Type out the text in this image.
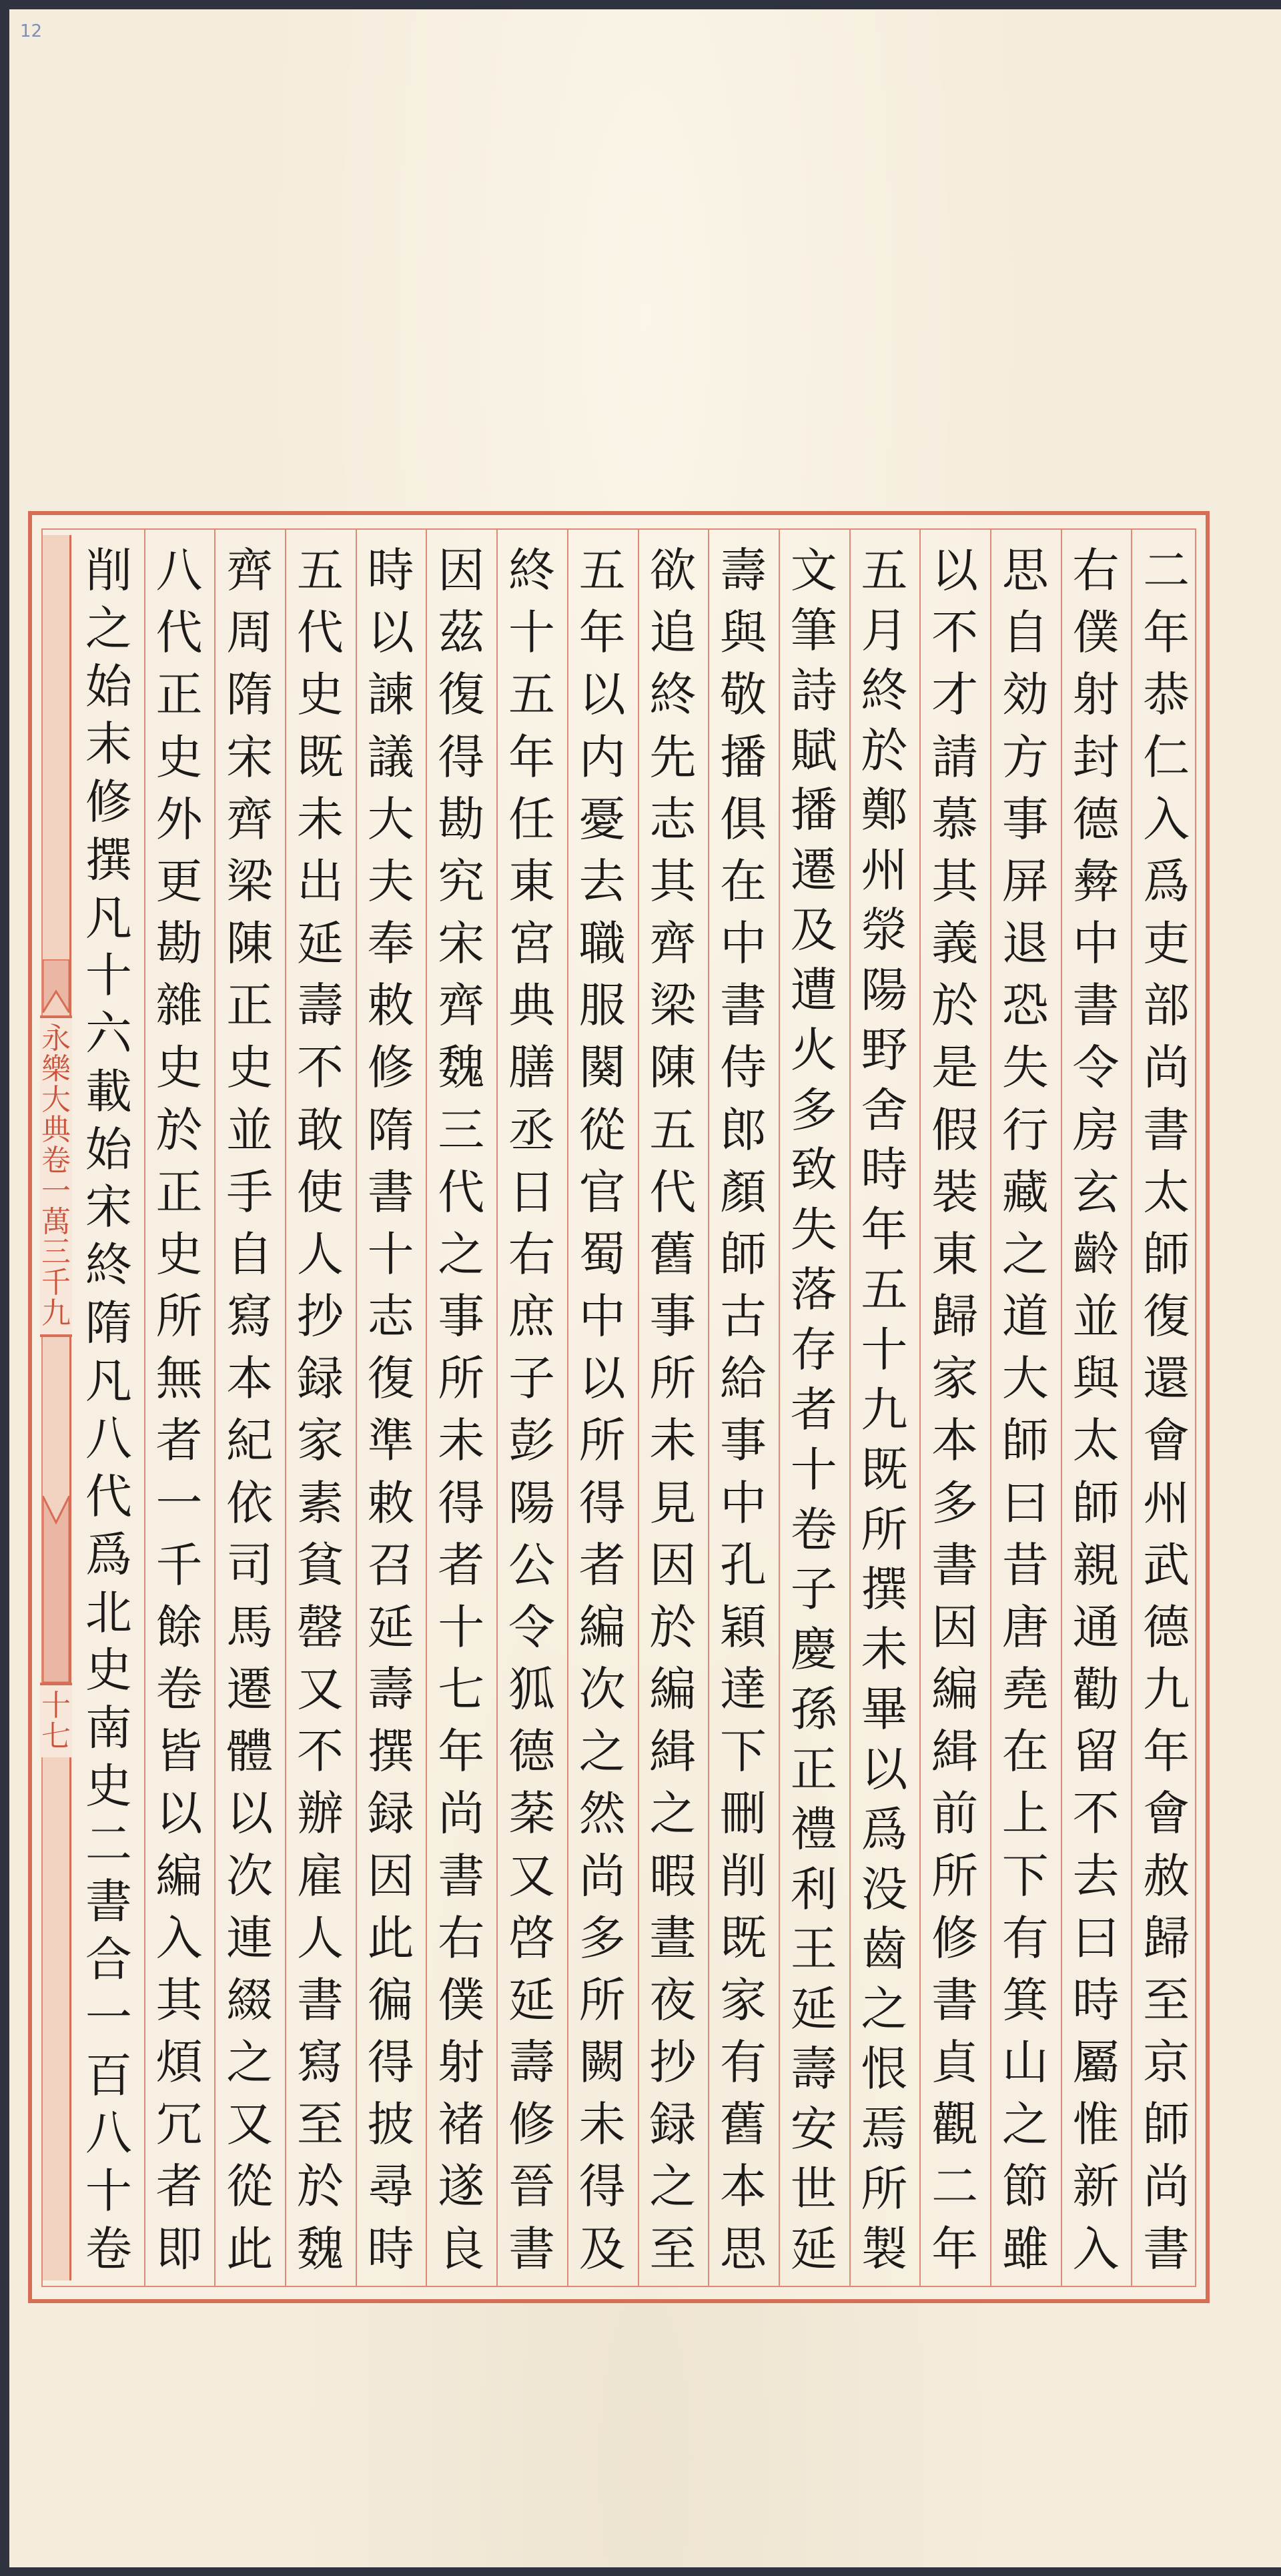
12
永
樂
大
典
卷
一
萬
三
千
九
十
七
二
年
恭
仁
入
爲
吏
部
尚
書
太
師
復
還
會
州
武
德
九
年
會
赦
歸
至
京
師
尚
書
右
僕
射
封
德
彜
中
書
令
房
玄
齡
並
與
太
師
親
通
勸
留
不
去
曰
時
屬
惟
新
入
思
自
効
方
事
屏
退
恐
失
行
藏
之
道
大
師
曰
昔
唐
堯
在
上
下
有
箕
山
之
節
雖
以
不
才
請
慕
其
義
於
是
假
裝
東
歸
家
本
多
書
因
編
緝
前
所
修
書
貞
觀
二
年
五
月
終
於
鄭
州
滎
陽
野
舍
時
年
五
十
九
既
所
撰
未
畢
以
爲
没
齒
之
恨
焉
所
製
文
筆
詩
賦
播
遷
及
遭
火
多
致
失
落
存
者
十
卷
子
慶
孫
正
禮
利
王
延
壽
安
世
延
壽
與
敬
播
俱
在
中
書
侍
郎
顏
師
古
給
事
中
孔
穎
達
下
刪
削
既
家
有
舊
本
思
欲
追
終
先
志
其
齊
梁
陳
五
代
舊
事
所
未
見
因
於
編
緝
之
暇
晝
夜
抄
録
之
至
五
年
以
内
憂
去
職
服
闋
從
官
蜀
中
以
所
得
者
編
次
之
然
尚
多
所
闕
未
得
及
終
十
五
年
任
東
宮
典
膳
丞
日
右
庶
子
彭
陽
公
令
狐
德
棻
又
啓
延
壽
修
晉
書
因
茲
復
得
勘
究
宋
齊
魏
三
代
之
事
所
未
得
者
十
七
年
尚
書
右
僕
射
褚
遂
良
時
以
諫
議
大
夫
奉
敕
修
隋
書
十
志
復
準
敕
召
延
壽
撰
録
因
此
徧
得
披
尋
時
五
代
史
既
未
出
延
壽
不
敢
使
人
抄
録
家
素
貧
罄
又
不
辦
雇
人
書
寫
至
於
魏
齊
周
隋
宋
齊
梁
陳
正
史
並
手
自
寫
本
紀
依
司
馬
遷
體
以
次
連
綴
之
又
從
此
八
代
正
史
外
更
勘
雜
史
於
正
史
所
無
者
一
千
餘
卷
皆
以
編
入
其
煩
冗
者
即
削
之
始
末
修
撰
凡
十
六
載
始
宋
終
隋
凡
八
代
爲
北
史
南
史
二
書
合
一
百
八
十
卷
